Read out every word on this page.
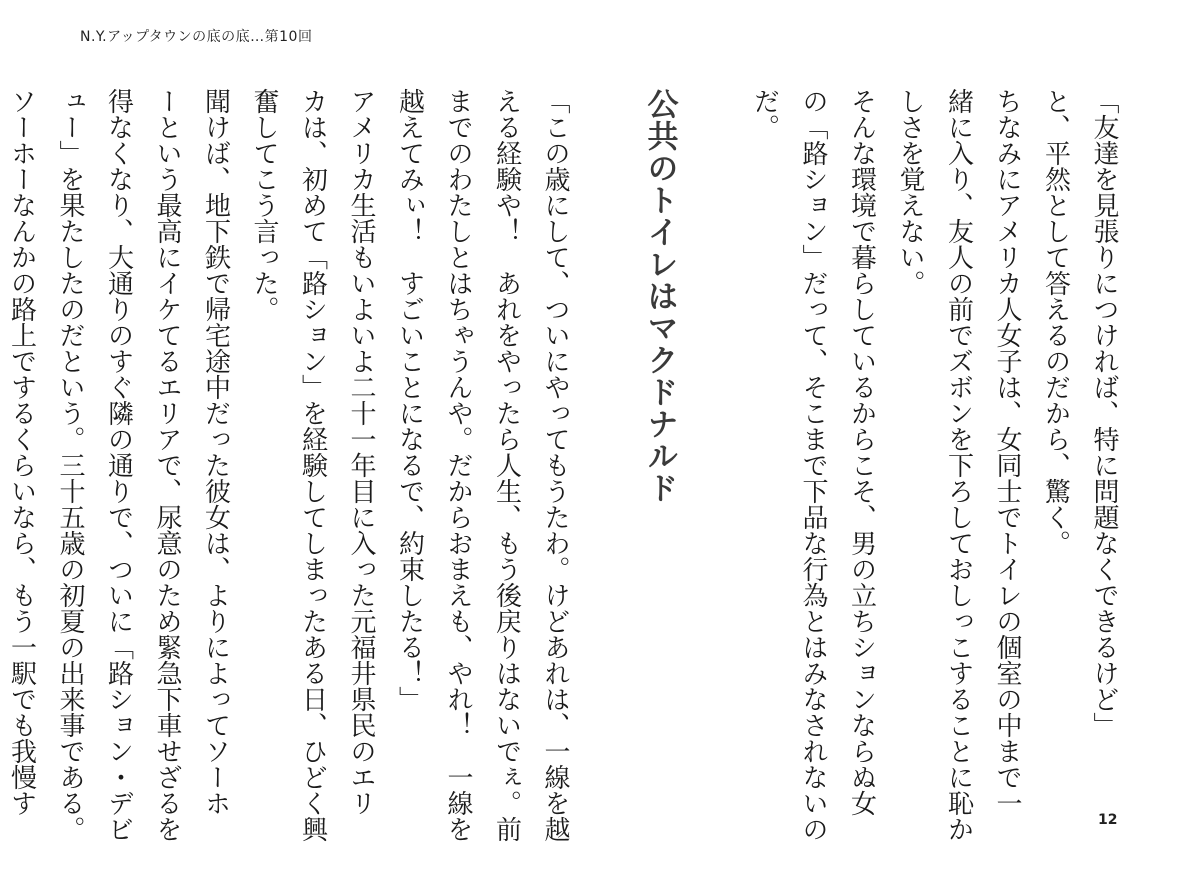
N.Y.アップタウンの底の底…第10回
「友達を見張りにつければ、特に問題なくできるけど」
と、平然として答えるのだから、驚く。
ちなみにアメリカ人女子は、女同士でトイレの個室の中まで一
緒に入り、友人の前でズボンを下ろしておしっこすることに恥か
しさを覚えない。
そんな環境で暮らしているからこそ、男の立ちションならぬ女
の「路ション」だって、そこまで下品な行為とはみなされないの
だ。
公共のトイレはマクドナルド
「この歳にして、ついにやってもうたわ。けどあれは、一線を越
える経験や！　あれをやったら人生、もう後戻りはないでぇ。前
までのわたしとはちゃうんや。だからおまえも、やれ！　一線を
越えてみぃ！　すごいことになるで、約束したる！」
アメリカ生活もいよいよ二十一年目に入った元福井県民のエリ
カは、初めて「路ション」を経験してしまったある日、ひどく興
奮してこう言った。
聞けば、地下鉄で帰宅途中だった彼女は、よりによってソーホ
ーという最高にイケてるエリアで、尿意のため緊急下車せざるを
得なくなり、大通りのすぐ隣の通りで、ついに「路ション・デビ
ュー」を果たしたのだという。三十五歳の初夏の出来事である。
ソーホーなんかの路上でするくらいなら、もう一駅でも我慢す
12
